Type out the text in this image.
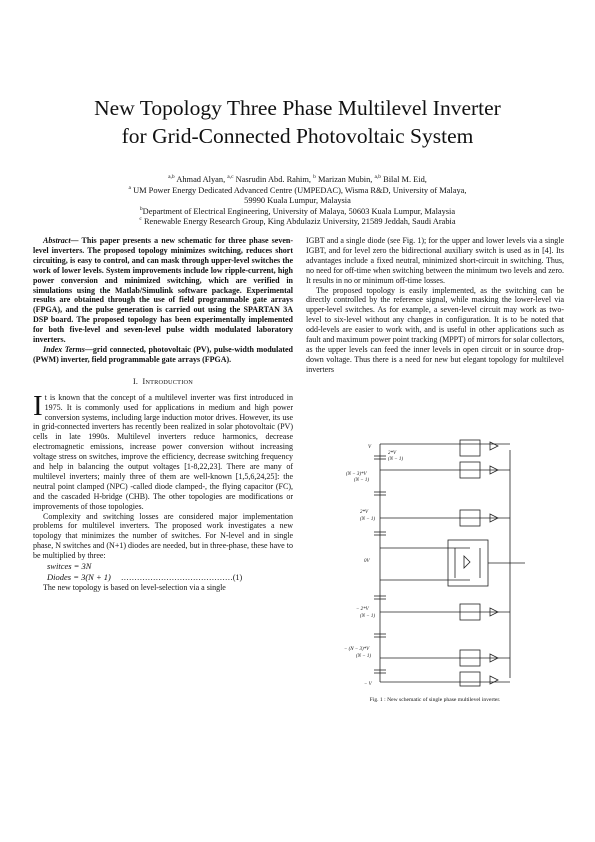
New Topology Three Phase Multilevel Inverter
for Grid-Connected Photovoltaic System
$^{a,b}$ Ahmad Alyan, $^{a,c}$ Nasrudin Abd. Rahim, $^b$ Marizan Mubin, $^{a,b}$ Bilal M. Eid,
$^a$ UM Power Energy Dedicated Advanced Centre (UMPEDAC), Wisma R&D, University of Malaya,
59990 Kuala Lumpur, Malaysia
$^b$Department of Electrical Engineering, University of Malaya, 50603 Kuala Lumpur, Malaysia
$^c$ Renewable Energy Research Group, King Abdulaziz University, 21589 Jeddah, Saudi Arabia

Abstract— This paper presents a new schematic for three phase seven-level inverters. The proposed topology minimizes switching, reduces short circuiting, is easy to control, and can mask through upper-level switches the work of lower levels. System improvements include low ripple-current, high power conversion and minimized switching, which are verified in simulations using the Matlab/Simulink software package. Experimental results are obtained through the use of field programmable gate arrays (FPGA), and the pulse generation is carried out using the SPARTAN 3A DSP board. The proposed topology has been experimentally implemented for both five-level and seven-level pulse width modulated laboratory inverters.

Index Terms—grid connected, photovoltaic (PV), pulse-width modulated (PWM) inverter, field programmable gate arrays (FPGA).

I. INTRODUCTION

It is known that the concept of a multilevel inverter was first introduced in 1975. It is commonly used for applications in medium and high power conversion systems, including large induction motor drives. However, its use in grid-connected inverters has recently been realized in solar photovoltaic (PV) cells in late 1990s. Multilevel inverters reduce harmonics, decrease electromagnetic emissions, increase power conversion without increasing voltage stress on switches, improve the efficiency, decrease switching frequency and help in balancing the output voltages [1-8,22,23]. There are many of multilevel inverters; mainly three of them are well-known [1,5,6,24,25]: the neutral point clamped (NPC) -called diode clamped-, the flying capacitor (FC), and the cascaded H-bridge (CHB). The other topologies are modifications or improvements of those topologies.

Complexity and switching losses are considered major implementation problems for multilevel inverters. The proposed work investigates a new topology that minimizes the number of switches. For N-level and in single phase, N switches and (N+1) diodes are needed, but in three-phase, these have to be multiplied by three:

switces = 3N
Diodes = 3(N + 1) ……………………………………(1)

The new topology is based on level-selection via a single

IGBT and a single diode (see Fig. 1); for the upper and lower levels via a single IGBT, and for level zero the bidirectional auxiliary switch is used as in [4]. Its advantages include a fixed neutral, minimized short-circuit in switching. Thus, no need for off-time when switching between the minimum two levels and zero. It results in no or minimum off-time losses.

The proposed topology is easily implemented, as the switching can be directly controlled by the reference signal, while masking the lower-level via upper-level switches. As for example, a seven-level circuit may work as two-level to six-level without any changes in configuration. It is to be noted that odd-levels are easier to work with, and is useful in other applications such as fault and maximum power point tracking (MPPT) of mirrors for solar collectors, as the upper levels can feed the inner levels in open circuit or in source drop-down voltage. Thus there is a need for new but elegant topology for multilevel inverters

V
2*V
(N − 1)
(N − 3)*V
(N − 1)
2*V
(N − 1)
0V
− 2*V
(N − 1)
− (N − 3)*V
(N − 1)
− V
Fig. 1 : New schematic of single phase multilevel inverter.
